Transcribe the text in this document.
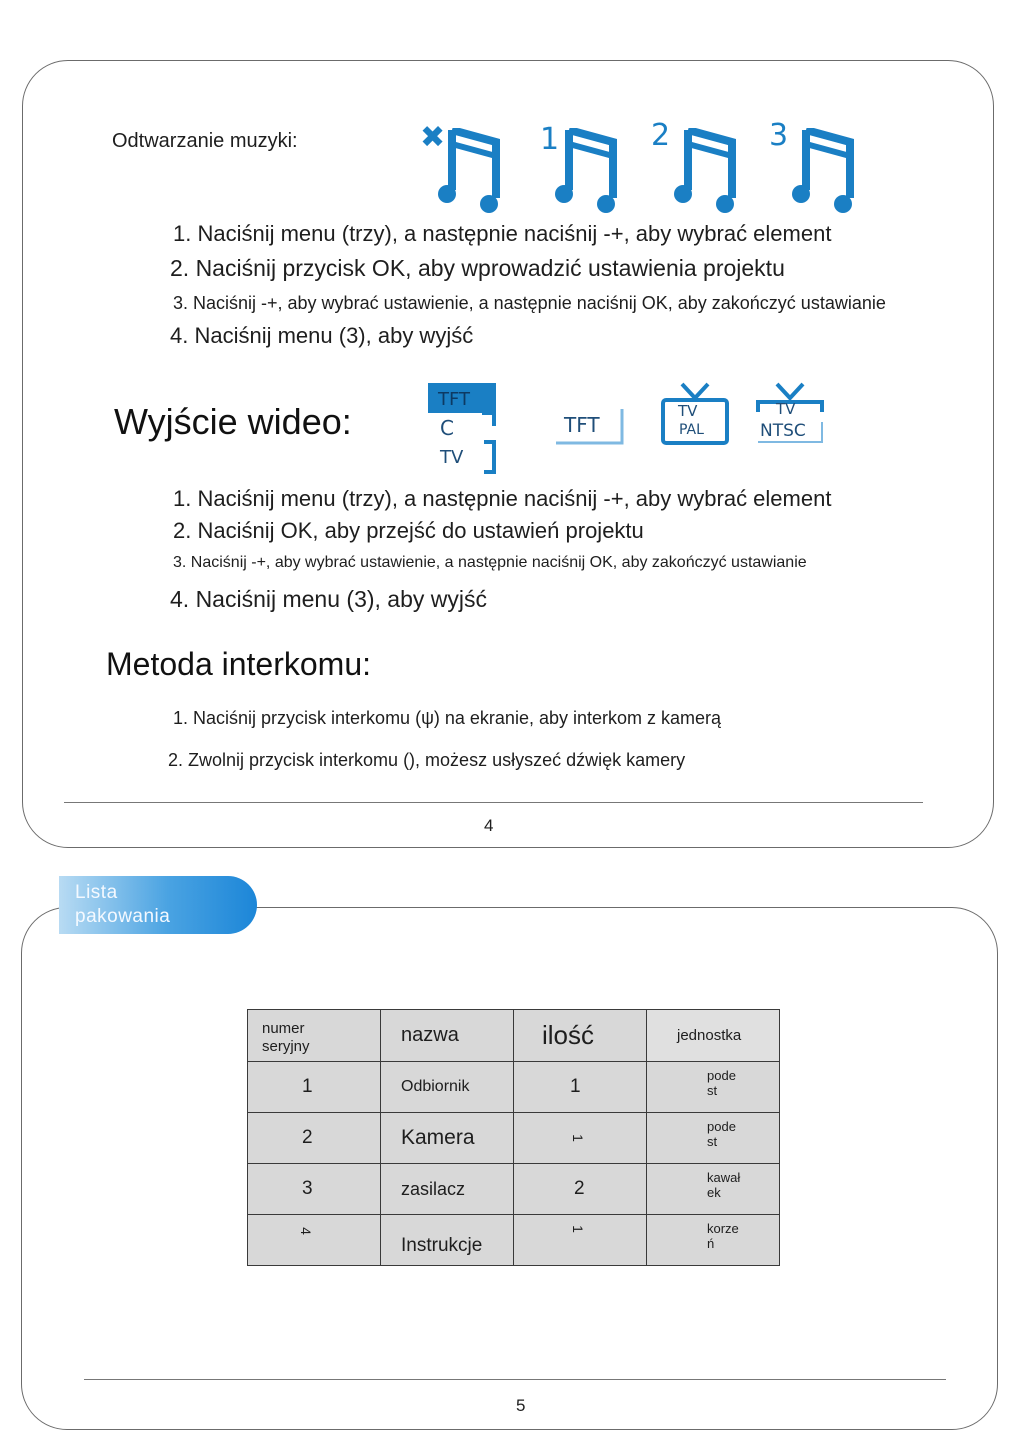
Odtwarzanie muzyki:	✖	1	2	3
1. Naciśnij menu (trzy), a następnie naciśnij -+, aby wybrać element
2. Naciśnij przycisk OK, aby wprowadzić ustawienia projektu
3. Naciśnij -+, aby wybrać ustawienie, a następnie naciśnij OK, aby zakończyć ustawianie
4. Naciśnij menu (3), aby wyjść
Wyjście wideo:
TFT
C
TV
TFT
TV
PAL
TV
NTSC
1. Naciśnij menu (trzy), a następnie naciśnij -+, aby wybrać element
2. Naciśnij OK, aby przejść do ustawień projektu
3. Naciśnij -+, aby wybrać ustawienie, a następnie naciśnij OK, aby zakończyć ustawianie
4. Naciśnij menu (3), aby wyjść
Metoda interkomu:
1. Naciśnij przycisk interkomu (ψ) na ekranie, aby interkom z kamerą
2. Zwolnij przycisk interkomu (), możesz usłyszeć dźwięk kamery
4
Lista
pakowania
numer
seryjny	nazwa	ilość	jednostka
1	Odbiornik	1	pode
st

2	Kamera	1	pode
st

3	zasilacz	2	kawał
ek

4	Instrukcje	1	korze
ń
5
